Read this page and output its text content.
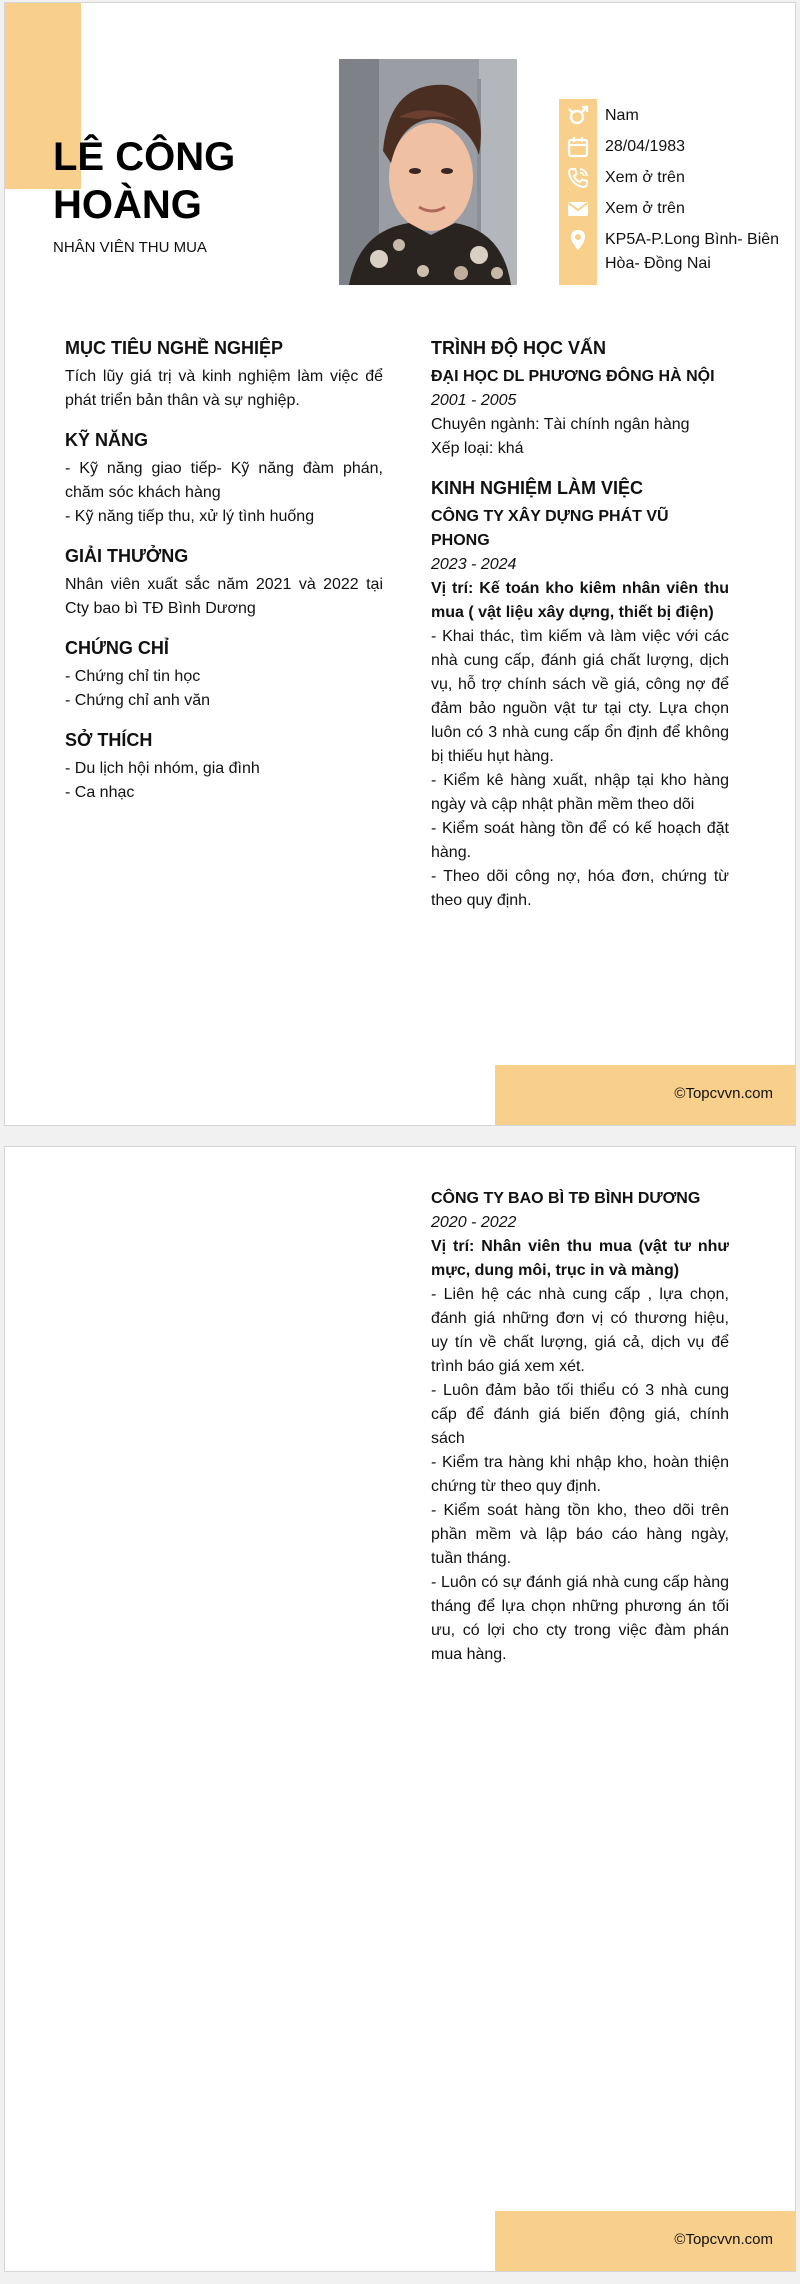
LÊ CÔNG HOÀNG
NHÂN VIÊN THU MUA
Nam
28/04/1983
Xem ở trên
Xem ở trên
KP5A-P.Long Bình- Biên Hòa- Đồng Nai
MỤC TIÊU NGHỀ NGHIỆP

Tích lũy giá trị và kinh nghiệm làm việc để phát triển bản thân và sự nghiệp.

KỸ NĂNG

- Kỹ năng giao tiếp- Kỹ năng đàm phán, chăm sóc khách hàng

- Kỹ năng tiếp thu, xử lý tình huống

GIẢI THƯỞNG

Nhân viên xuất sắc năm 2021 và 2022 tại Cty bao bì TĐ Bình Dương

CHỨNG CHỈ

- Chứng chỉ tin học

- Chứng chỉ anh văn

SỞ THÍCH

- Du lịch hội nhóm, gia đình

- Ca nhạc

TRÌNH ĐỘ HỌC VẤN
ĐẠI HỌC DL PHƯƠNG ĐÔNG HÀ NỘI
2001 - 2005
Chuyên ngành: Tài chính ngân hàng
Xếp loại: khá
KINH NGHIỆM LÀM VIỆC
CÔNG TY XÂY DỰNG PHÁT VŨ PHONG
2023 - 2024
Vị trí: Kế toán kho kiêm nhân viên thu mua ( vật liệu xây dựng, thiết bị điện)

- Khai thác, tìm kiếm và làm việc với các nhà cung cấp, đánh giá chất lượng, dịch vụ, hỗ trợ chính sách về giá, công nợ để đảm bảo nguồn vật tư tại cty. Lựa chọn luôn có 3 nhà cung cấp ổn định để không bị thiếu hụt hàng.

- Kiểm kê hàng xuất, nhập tại kho hàng ngày và cập nhật phần mềm theo dõi

- Kiểm soát hàng tồn để có kế hoạch đặt hàng.

- Theo dõi công nợ, hóa đơn, chứng từ theo quy định.

©Topcvvn.com
CÔNG TY BAO BÌ TĐ BÌNH DƯƠNG
2020 - 2022
Vị trí: Nhân viên thu mua (vật tư như mực, dung môi, trục in và màng)

- Liên hệ các nhà cung cấp , lựa chọn, đánh giá những đơn vị có thương hiệu, uy tín về chất lượng, giá cả, dịch vụ để trình báo giá xem xét.

- Luôn đảm bảo tối thiểu có 3 nhà cung cấp để đánh giá biến động giá, chính sách

- Kiểm tra hàng khi nhập kho, hoàn thiện chứng từ theo quy định.

- Kiểm soát hàng tồn kho, theo dõi trên phần mềm và lập báo cáo hàng ngày, tuần tháng.

- Luôn có sự đánh giá nhà cung cấp hàng tháng để lựa chọn những phương án tối ưu, có lợi cho cty trong việc đàm phán mua hàng.

©Topcvvn.com
